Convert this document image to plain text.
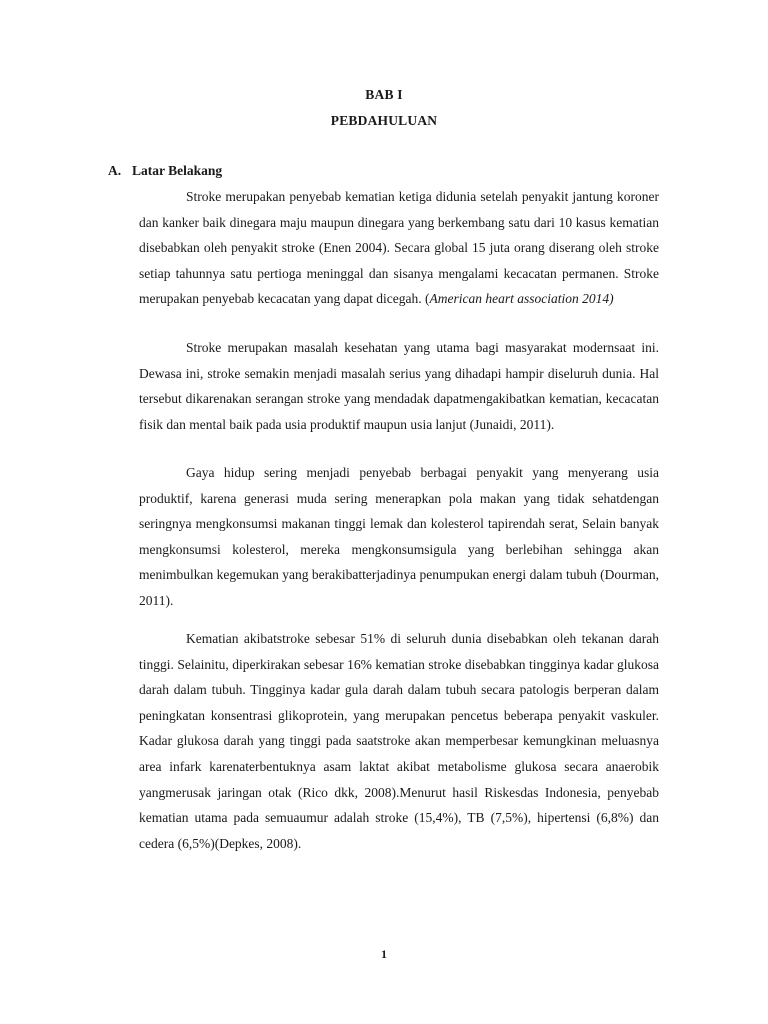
BAB I
PEBDAHULUAN
A. Latar Belakang

Stroke merupakan penyebab kematian ketiga didunia setelah penyakit jantung koroner dan kanker baik dinegara maju maupun dinegara yang berkembang satu dari 10 kasus kematian disebabkan oleh penyakit stroke (Enen 2004). Secara global 15 juta orang diserang oleh stroke setiap tahunnya satu pertioga meninggal dan sisanya mengalami kecacatan permanen. Stroke merupakan penyebab kecacatan yang dapat dicegah. (American heart association 2014)

Stroke merupakan masalah kesehatan yang utama bagi masyarakat modernsaat ini. Dewasa ini, stroke semakin menjadi masalah serius yang dihadapi hampir diseluruh dunia. Hal tersebut dikarenakan serangan stroke yang mendadak dapatmengakibatkan kematian, kecacatan fisik dan mental baik pada usia produktif maupun usia lanjut (Junaidi, 2011).

Gaya hidup sering menjadi penyebab berbagai penyakit yang menyerang usia produktif, karena generasi muda sering menerapkan pola makan yang tidak sehatdengan seringnya mengkonsumsi makanan tinggi lemak dan kolesterol tapirendah serat, Selain banyak mengkonsumsi kolesterol, mereka mengkonsumsigula yang berlebihan sehingga akan menimbulkan kegemukan yang berakibatterjadinya penumpukan energi dalam tubuh (Dourman, 2011).

Kematian akibatstroke sebesar 51% di seluruh dunia disebabkan oleh tekanan darah tinggi. Selainitu, diperkirakan sebesar 16% kematian stroke disebabkan tingginya kadar glukosa darah dalam tubuh. Tingginya kadar gula darah dalam tubuh secara patologis berperan dalam peningkatan konsentrasi glikoprotein, yang merupakan pencetus beberapa penyakit vaskuler. Kadar glukosa darah yang tinggi pada saatstroke akan memperbesar kemungkinan meluasnya area infark karenaterbentuknya asam laktat akibat metabolisme glukosa secara anaerobik yangmerusak jaringan otak (Rico dkk, 2008).Menurut hasil Riskesdas Indonesia, penyebab kematian utama pada semuaumur adalah stroke (15,4%), TB (7,5%), hipertensi (6,8%) dan cedera (6,5%)(Depkes, 2008).

1
